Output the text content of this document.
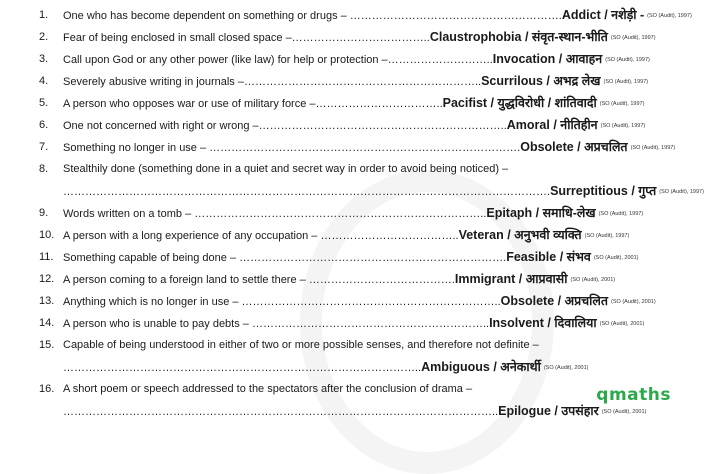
1.	One who has become dependent on something or drugs – ………………………………………………….Addict / नशेड़ी - (SO (Audit), 1997)
2.	Fear of being enclosed in small closed space –………………………………..Claustrophobia / संवृत-स्थान-भीति (SO (Audit), 1997)
3.	Call upon God or any other power (like law) for help or protection –………………………..Invocation / आवाहन (SO (Audit), 1997)
4.	Severely abusive writing in journals –………………………………………………………..Scurrilous / अभद्र लेख (SO (Audit), 1997)
5.	A person who opposes war or use of military force –……………………………..Pacifist / युद्धविरोधी / शांतिवादी (SO (Audit), 1997)
6.	One not concerned with right or wrong –…………………………………………………………..Amoral / नीतिहीन (SO (Audit), 1997)
7.	Something no longer in use – ………………………………………………………………………….Obsolete / अप्रचलित (SO (Audit), 1997)
8.	Stealthily done (something done in a quiet and secret way in order to avoid being noticed) –
…………………………………………………………………………………………………………………….Surreptitious / गुप्त (SO (Audit), 1997)
9.	Words written on a tomb – ……………………………………………………………………..Epitaph / समाधि-लेख (SO (Audit), 1997)
10. A person with a long experience of any occupation – ………………………………..Veteran / अनुभवी व्यक्ति (SO (Audit), 1997)
11. Something capable of being done – ……………………………………………………………….Feasible / संभव (SO (Audit), 2001)
12. A person coming to a foreign land to settle there – ………………………………….Immigrant / आप्रवासी (SO (Audit), 2001)
13. Anything which is no longer in use – ……………………………………………………………..Obsolete / अप्रचलित (SO (Audit), 2001)
14. A person who is unable to pay debts – ………………………………………………………..Insolvent / दिवालिया (SO (Audit), 2001)
15. Capable of being understood in either of two or more possible senses, and therefore not definite –
……………………………………………………………………………………..Ambiguous / अनेकार्थी (SO (Audit), 2001)
16. A short poem or speech addressed to the spectators after the conclusion of drama –
………………………………………………………………………………………………………..Epilogue / उपसंहार (SO (Audit), 2001)
qmaths
